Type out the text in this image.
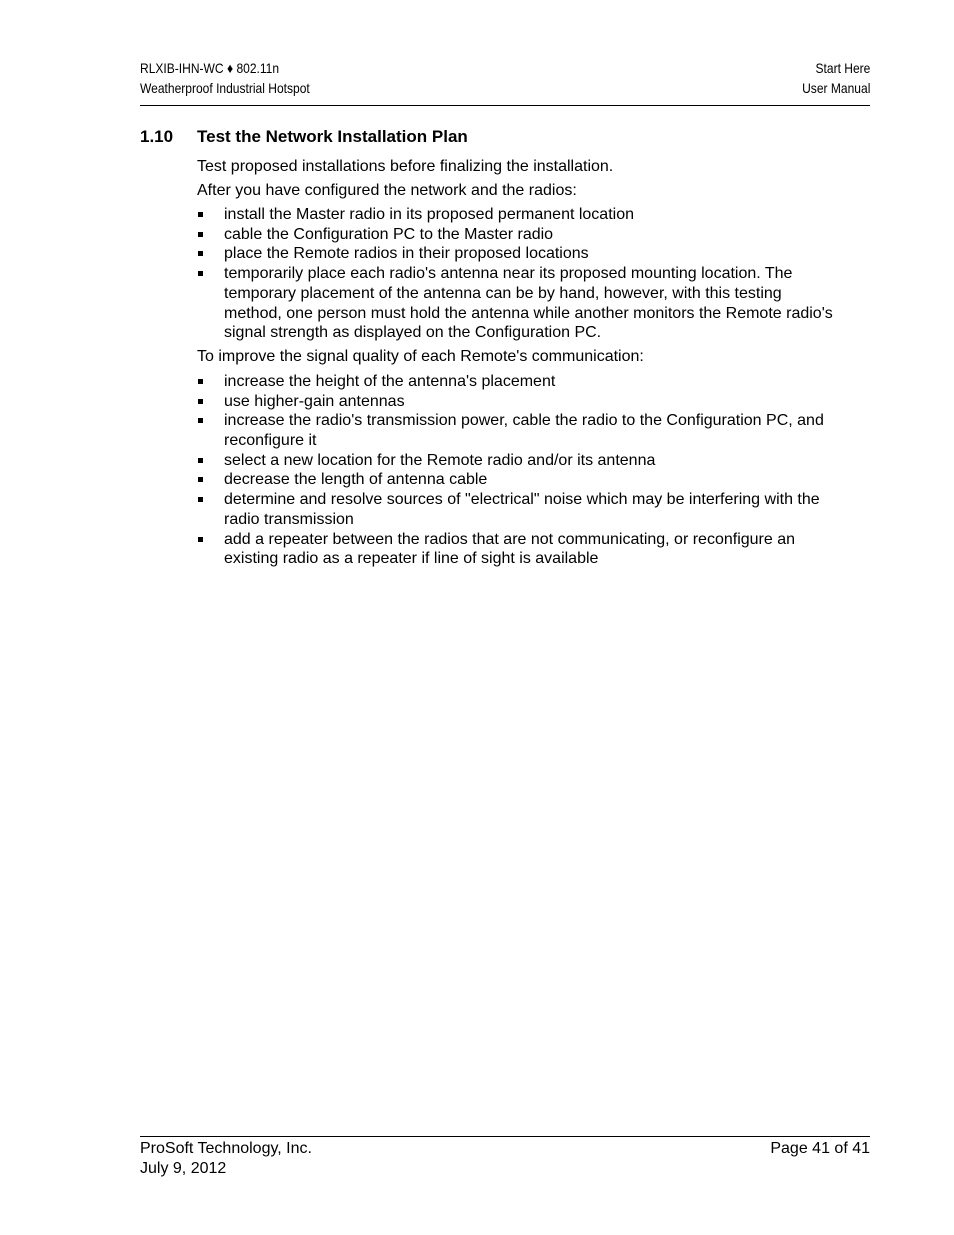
RLXIB-IHN-WC ♦ 802.11n
Weatherproof Industrial Hotspot
Start Here
User Manual
1.10 Test the Network Installation Plan

Test proposed installations before finalizing the installation.

After you have configured the network and the radios:

install the Master radio in its proposed permanent location
cable the Configuration PC to the Master radio
place the Remote radios in their proposed locations
temporarily place each radio's antenna near its proposed mounting location. The temporary placement of the antenna can be by hand, however, with this testing method, one person must hold the antenna while another monitors the Remote radio's signal strength as displayed on the Configuration PC.

To improve the signal quality of each Remote's communication:

increase the height of the antenna's placement
use higher-gain antennas
increase the radio's transmission power, cable the radio to the Configuration PC, and reconfigure it
select a new location for the Remote radio and/or its antenna
decrease the length of antenna cable
determine and resolve sources of "electrical" noise which may be interfering with the radio transmission
add a repeater between the radios that are not communicating, or reconfigure an existing radio as a repeater if line of sight is available
ProSoft Technology, Inc.
July 9, 2012
Page 41 of 41
